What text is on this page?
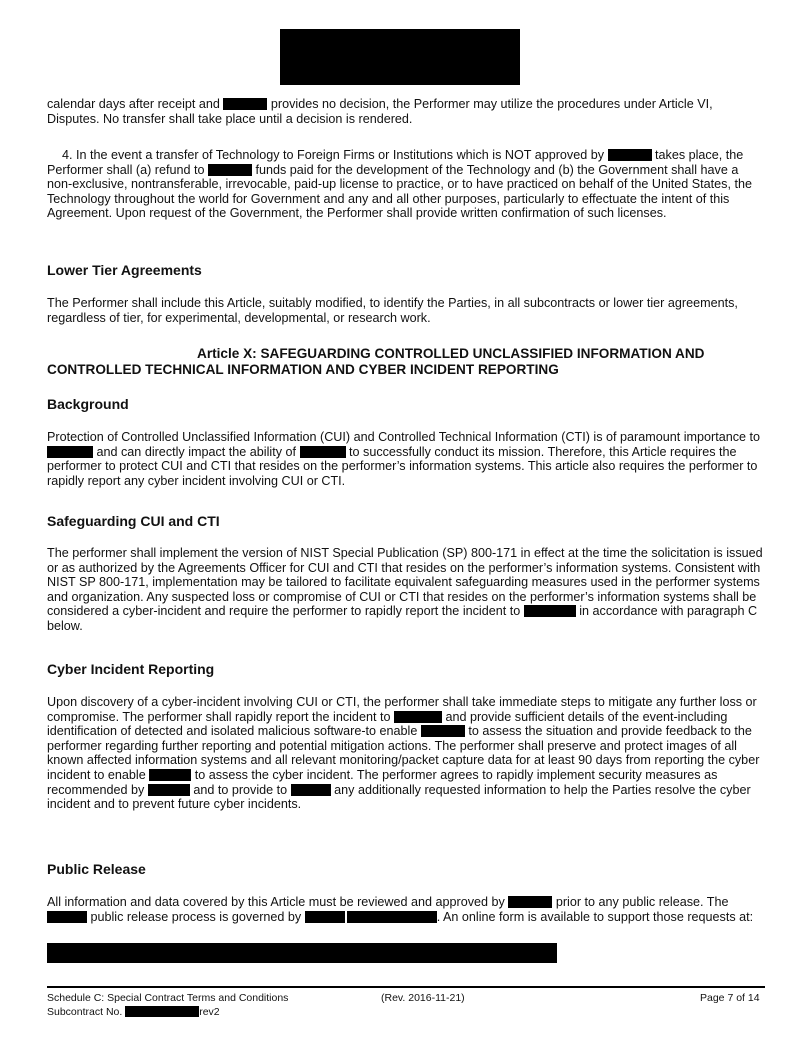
calendar days after receipt and	provides no decision, the Performer may utilize the procedures under Article VI, Disputes. No transfer shall take place until a decision is rendered.

4. In the event a transfer of Technology to Foreign Firms or Institutions which is NOT approved by	takes place, the Performer shall (a) refund to	funds paid for the development of the Technology and (b) the Government shall have a non-exclusive, nontransferable, irrevocable, paid-up license to practice, or to have practiced on behalf of the United States, the Technology throughout the world for Government and any and all other purposes, particularly to effectuate the intent of this Agreement. Upon request of the Government, the Performer shall provide written confirmation of such licenses.

Lower Tier Agreements

The Performer shall include this Article, suitably modified, to identify the Parties, in all subcontracts or lower tier agreements, regardless of tier, for experimental, developmental, or research work.

Article X: SAFEGUARDING CONTROLLED UNCLASSIFIED INFORMATION AND
CONTROLLED TECHNICAL INFORMATION AND CYBER INCIDENT REPORTING
Background

Protection of Controlled Unclassified Information (CUI) and Controlled Technical Information (CTI) is of paramount importance to  and can directly impact the ability of	to successfully conduct its mission. Therefore, this Article requires the performer to protect CUI and CTI that resides on the performer’s information systems. This article also requires the performer to rapidly report any cyber incident involving CUI or CTI.

Safeguarding CUI and CTI

The performer shall implement the version of NIST Special Publication (SP) 800-171 in effect at the time the solicitation is issued or as authorized by the Agreements Officer for CUI and CTI that resides on the performer’s information systems. Consistent with NIST SP 800-171, implementation may be tailored to facilitate equivalent safeguarding measures used in the performer systems and organization. Any suspected loss or compromise of CUI or CTI that resides on the performer’s information systems shall be considered a cyber-incident and require the performer to rapidly report the incident to	in accordance with paragraph C below.

Cyber Incident Reporting

Upon discovery of a cyber-incident involving CUI or CTI, the performer shall take immediate steps to mitigate any further loss or compromise. The performer shall rapidly report the incident to	and provide sufficient details of the event-including identification of detected and isolated malicious software-to enable	to assess the situation and provide feedback to the performer regarding further reporting and potential mitigation actions. The performer shall preserve and protect images of all known affected information systems and all relevant monitoring/packet capture data for at least 90 days from reporting the cyber incident to enable	to assess the cyber incident. The performer agrees to rapidly implement security measures as recommended by	and to provide to	any additionally requested information to help the Parties resolve the cyber incident and to prevent future cyber incidents.

Public Release

All information and data covered by this Article must be reviewed and approved by	prior to any public release. The  public release process is governed by	. An online form is available to support those requests at:

Schedule C: Special Contract Terms and Conditions	(Rev. 2016-11-21)	Page 7 of 14

Subcontract No.	rev2
